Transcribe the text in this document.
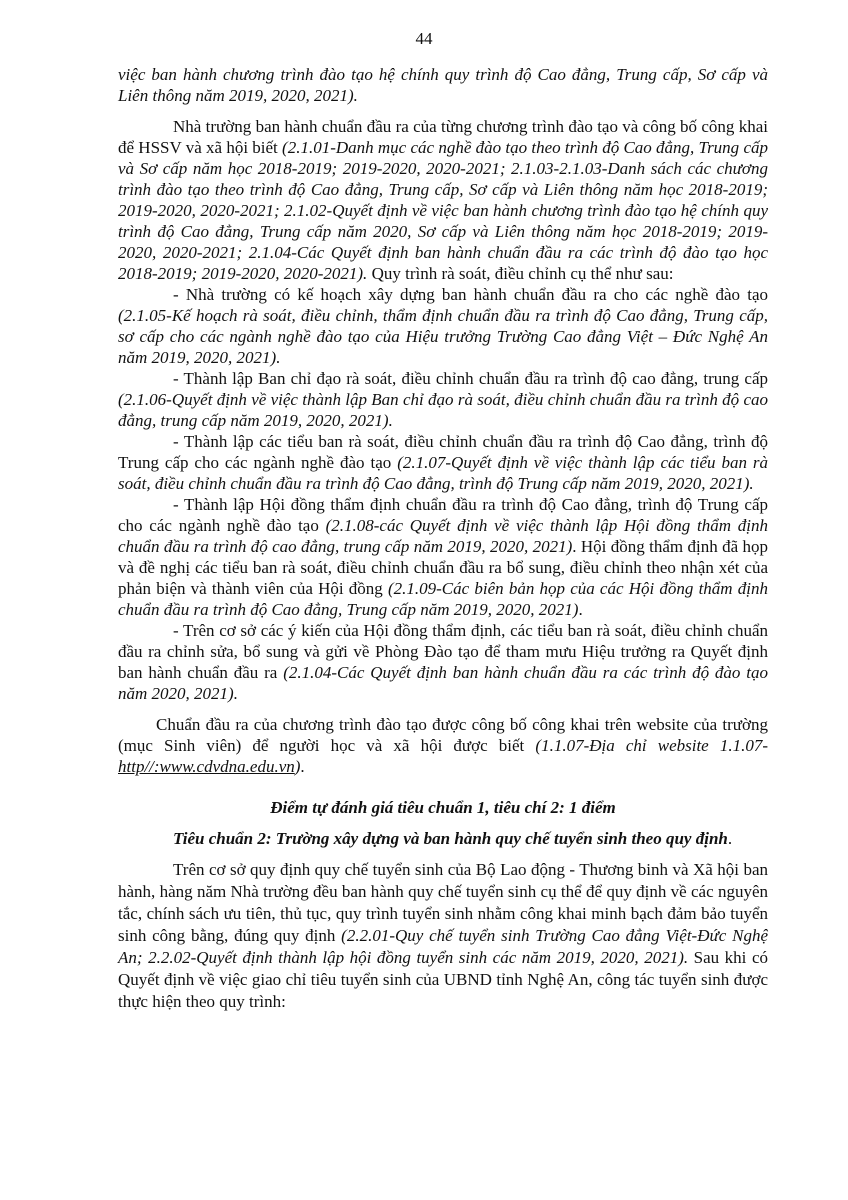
44

việc ban hành chương trình đào tạo hệ chính quy trình độ Cao đẳng, Trung cấp, Sơ cấp và Liên thông năm 2019, 2020, 2021).

Nhà trường ban hành chuẩn đầu ra của từng chương trình đào tạo và công bố công khai để HSSV và xã hội biết (2.1.01-Danh mục các nghề đào tạo theo trình độ Cao đẳng, Trung cấp và Sơ cấp năm học 2018-2019; 2019-2020, 2020-2021; 2.1.03-2.1.03-Danh sách các chương trình đào tạo theo trình độ Cao đẳng, Trung cấp, Sơ cấp và Liên thông năm học 2018-2019; 2019-2020, 2020-2021; 2.1.02-Quyết định về việc ban hành chương trình đào tạo hệ chính quy trình độ Cao đẳng, Trung cấp năm 2020, Sơ cấp và Liên thông năm học 2018-2019; 2019-2020, 2020-2021; 2.1.04-Các Quyết định ban hành chuẩn đầu ra các trình độ đào tạo học 2018-2019; 2019-2020, 2020-2021). Quy trình rà soát, điều chỉnh cụ thể như sau:

- Nhà trường có kế hoạch xây dựng ban hành chuẩn đầu ra cho các nghề đào tạo (2.1.05-Kế hoạch rà soát, điều chỉnh, thẩm định chuẩn đầu ra trình độ Cao đẳng, Trung cấp, sơ cấp cho các ngành nghề đào tạo của Hiệu trưởng Trường Cao đẳng Việt – Đức Nghệ An năm 2019, 2020, 2021).

- Thành lập Ban chỉ đạo rà soát, điều chỉnh chuẩn đầu ra trình độ cao đẳng, trung cấp (2.1.06-Quyết định về việc thành lập Ban chỉ đạo rà soát, điều chỉnh chuẩn đầu ra trình độ cao đẳng, trung cấp năm 2019, 2020, 2021).

- Thành lập các tiểu ban rà soát, điều chỉnh chuẩn đầu ra trình độ Cao đẳng, trình độ Trung cấp cho các ngành nghề đào tạo (2.1.07-Quyết định về việc thành lập các tiểu ban rà soát, điều chỉnh chuẩn đầu ra trình độ Cao đẳng, trình độ Trung cấp năm 2019, 2020, 2021).

- Thành lập Hội đồng thẩm định chuẩn đầu ra trình độ Cao đẳng, trình độ Trung cấp cho các ngành nghề đào tạo (2.1.08-các Quyết định về việc thành lập Hội đồng thẩm định chuẩn đầu ra trình độ cao đẳng, trung cấp năm 2019, 2020, 2021). Hội đồng thẩm định đã họp và đề nghị các tiểu ban rà soát, điều chỉnh chuẩn đầu ra bổ sung, điều chỉnh theo nhận xét của phản biện và thành viên của Hội đồng (2.1.09-Các biên bản họp của các Hội đồng thẩm định chuẩn đầu ra trình độ Cao đẳng, Trung cấp năm 2019, 2020, 2021).

- Trên cơ sở các ý kiến của Hội đồng thẩm định, các tiểu ban rà soát, điều chỉnh chuẩn đầu ra chỉnh sửa, bổ sung và gửi về Phòng Đào tạo để tham mưu Hiệu trưởng ra Quyết định ban hành chuẩn đầu ra (2.1.04-Các Quyết định ban hành chuẩn đầu ra các trình độ đào tạo năm 2020, 2021).

Chuẩn đầu ra của chương trình đào tạo được công bố công khai trên website của trường (mục Sinh viên) để người học và xã hội được biết (1.1.07-Địa chỉ website 1.1.07-http//:www.cdvdna.edu.vn).

Điểm tự đánh giá tiêu chuẩn 1, tiêu chí 2: 1 điểm

Tiêu chuẩn 2: Trường xây dựng và ban hành quy chế tuyển sinh theo quy định.

Trên cơ sở quy định quy chế tuyển sinh của Bộ Lao động - Thương binh và Xã hội ban hành, hàng năm Nhà trường đều ban hành quy chế tuyển sinh cụ thể để quy định về các nguyên tắc, chính sách ưu tiên, thủ tục, quy trình tuyển sinh nhằm công khai minh bạch đảm bảo tuyển sinh công bằng, đúng quy định (2.2.01-Quy chế tuyển sinh Trường Cao đẳng Việt-Đức Nghệ An; 2.2.02-Quyết định thành lập hội đồng tuyển sinh các năm 2019, 2020, 2021). Sau khi có Quyết định về việc giao chỉ tiêu tuyển sinh của UBND tỉnh Nghệ An, công tác tuyển sinh được thực hiện theo quy trình:
